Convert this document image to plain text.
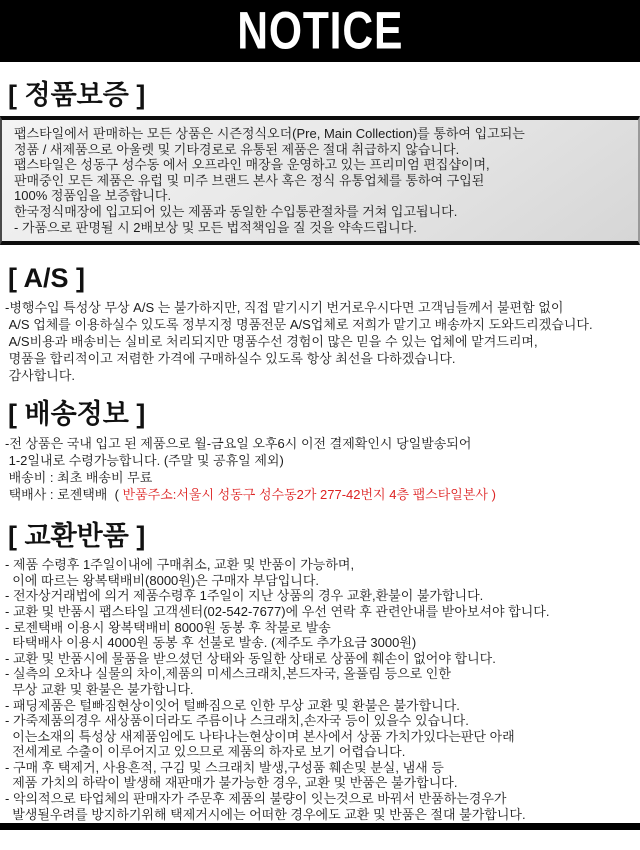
NOTICE
[ 정품보증 ]
팹스타일에서 판매하는 모든 상품은 시즌정식오더(Pre, Main Collection)를 통하여 입고되는
정품 / 새제품으로 아울렛 및 기타경로로 유통된 제품은 절대 취급하지 않습니다.
팹스타일은 성동구 성수동 에서 오프라인 매장을 운영하고 있는 프리미엄 편집샵이며,
판매중인 모든 제품은 유럽 및 미주 브랜드 본사 혹은 정식 유통업체를 통하여 구입된
100% 정품임을 보증합니다.
한국정식매장에 입고되어 있는 제품과 동일한 수입통관절차를 거쳐 입고됩니다.
- 가품으로 판명될 시 2배보상 및 모든 법적책임을 질 것을 약속드립니다.
[ A/S ]
-병행수입 특성상 무상 A/S 는 불가하지만, 직접 맡기시기 번거로우시다면 고객님들께서 불편함 없이
A/S 업체를 이용하실수 있도록 정부지정 명품전문 A/S업체로 저희가 맡기고 배송까지 도와드리겠습니다.
A/S비용과 배송비는 실비로 처리되지만 명품수선 경험이 많은 믿을 수 있는 업체에 맡겨드리며,
명품을 합리적이고 저렴한 가격에 구매하실수 있도록 항상 최선을 다하겠습니다.
감사합니다.
[ 배송정보 ]
-전 상품은 국내 입고 된 제품으로 월-금요일 오후6시 이전 결제확인시 당일발송되어
1-2일내로 수령가능합니다. (주말 및 공휴일 제외)
배송비 : 최초 배송비 무료
택배사 : 로젠택배  ( 반품주소:서울시 성동구 성수동2가 277-42번지 4층 팹스타일본사 )
[ 교환반품 ]
- 제품 수령후 1주일이내에 구매취소, 교환 및 반품이 가능하며,
이에 따르는 왕복택배비(8000원)은 구매자 부담입니다.
- 전자상거래법에 의거 제품수령후 1주일이 지난 상품의 경우 교환,환불이 불가합니다.
- 교환 및 반품시 팹스타일 고객센터(02-542-7677)에 우선 연락 후 관련안내를 받아보셔야 합니다.
- 로젠택배 이용시 왕복택배비 8000원 동봉 후 착불로 발송
타택배사 이용시 4000원 동봉 후 선불로 발송. (제주도 추가요금 3000원)
- 교환 및 반품시에 물품을 받으셨던 상태와 동일한 상태로 상품에 훼손이 없어야 합니다.
- 실측의 오차나 실물의 차이,제품의 미세스크래치,본드자국, 올풀림 등으로 인한
무상 교환 및 환불은 불가합니다.
- 패딩제품은 털빠짐현상이잇어 털빠짐으로 인한 무상 교환 및 환불은 불가합니다.
- 가죽제품의경우 새상품이더라도 주름이나 스크래치,손자국 등이 있을수 있습니다.
이는소재의 특성상 새제품임에도 나타나는현상이며 본사에서 상품 가치가있다는판단 아래
전세계로 수출이 이루어지고 있으므로 제품의 하자로 보기 어렵습니다.
- 구매 후 택제거, 사용흔적, 구김 및 스크래치 발생,구성품 훼손및 분실, 냄새 등
제품 가치의 하락이 발생해 재판매가 불가능한 경우, 교환 및 반품은 불가합니다.
- 악의적으로 타업체의 판매자가 주문후 제품의 불량이 잇는것으로 바꿔서 반품하는경우가
발생될우려를 방지하기위해 택제거시에는 어떠한 경우에도 교환 및 반품은 절대 불가합니다.
